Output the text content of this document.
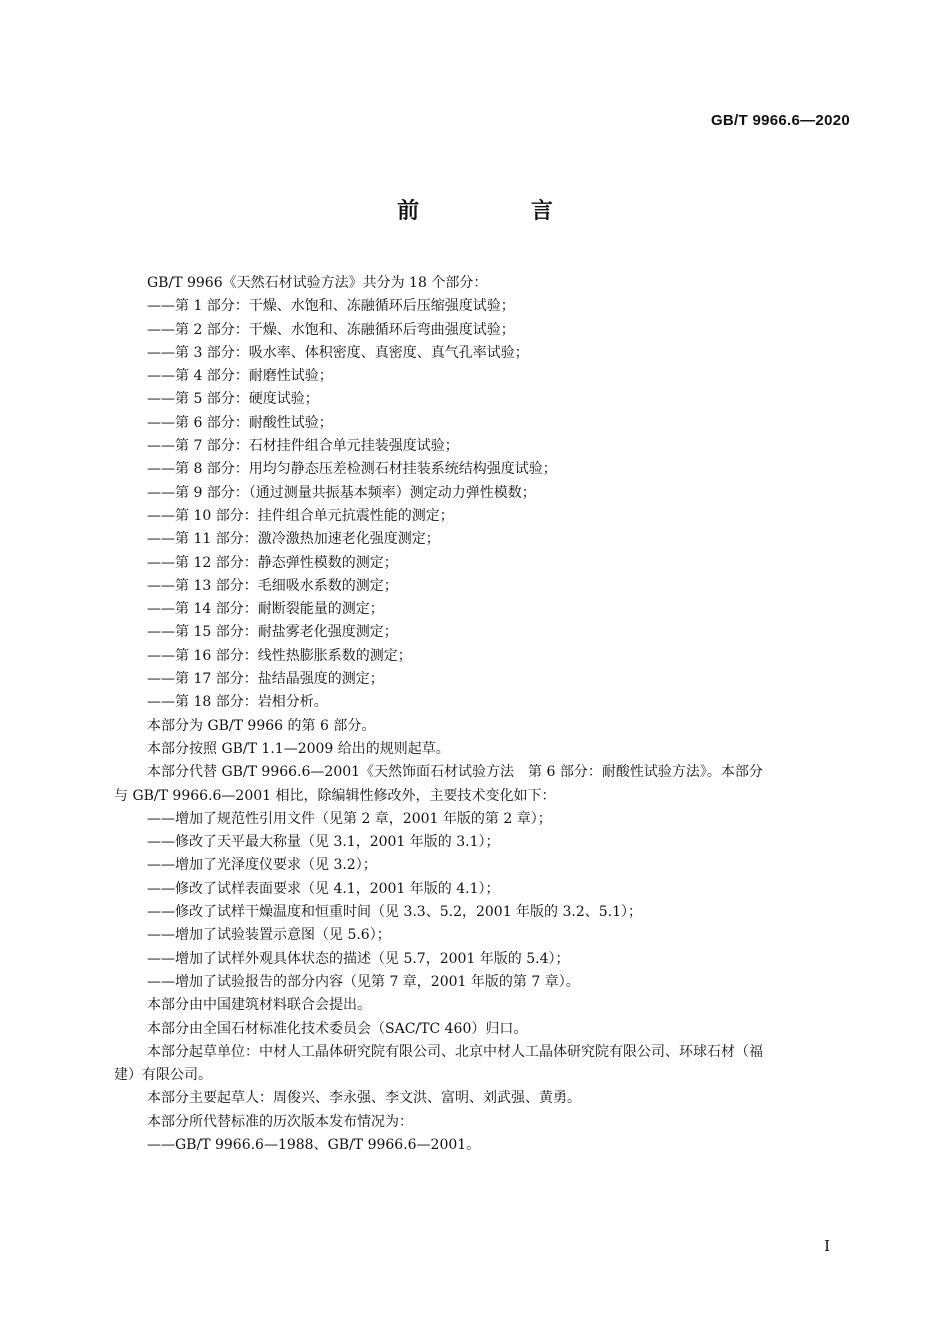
GB/T 9966.6—2020
前 言

GB/T 9966《天然石材试验方法》共分为 18 个部分：

——第 1 部分：干燥、水饱和、冻融循环后压缩强度试验；

——第 2 部分：干燥、水饱和、冻融循环后弯曲强度试验；

——第 3 部分：吸水率、体积密度、真密度、真气孔率试验；

——第 4 部分：耐磨性试验；

——第 5 部分：硬度试验；

——第 6 部分：耐酸性试验；

——第 7 部分：石材挂件组合单元挂装强度试验；

——第 8 部分：用均匀静态压差检测石材挂装系统结构强度试验；

——第 9 部分：（通过测量共振基本频率）测定动力弹性模数；

——第 10 部分：挂件组合单元抗震性能的测定；

——第 11 部分：激冷激热加速老化强度测定；

——第 12 部分：静态弹性模数的测定；

——第 13 部分：毛细吸水系数的测定；

——第 14 部分：耐断裂能量的测定；

——第 15 部分：耐盐雾老化强度测定；

——第 16 部分：线性热膨胀系数的测定；

——第 17 部分：盐结晶强度的测定；

——第 18 部分：岩相分析。

本部分为 GB/T 9966 的第 6 部分。

本部分按照 GB/T 1.1—2009 给出的规则起草。

本部分代替 GB/T 9966.6—2001《天然饰面石材试验方法　第 6 部分：耐酸性试验方法》。本部分

与 GB/T 9966.6—2001 相比，除编辑性修改外，主要技术变化如下：

——增加了规范性引用文件（见第 2 章，2001 年版的第 2 章）；

——修改了天平最大称量（见 3.1，2001 年版的 3.1）；

——增加了光泽度仪要求（见 3.2）；

——修改了试样表面要求（见 4.1，2001 年版的 4.1）；

——修改了试样干燥温度和恒重时间（见 3.3、5.2，2001 年版的 3.2、5.1）；

——增加了试验装置示意图（见 5.6）；

——增加了试样外观具体状态的描述（见 5.7，2001 年版的 5.4）；

——增加了试验报告的部分内容（见第 7 章，2001 年版的第 7 章）。

本部分由中国建筑材料联合会提出。

本部分由全国石材标准化技术委员会（SAC/TC 460）归口。

本部分起草单位：中材人工晶体研究院有限公司、北京中材人工晶体研究院有限公司、环球石材（福

建）有限公司。

本部分主要起草人：周俊兴、李永强、李文洪、富明、刘武强、黄勇。

本部分所代替标准的历次版本发布情况为：

——GB/T 9966.6—1988、GB/T 9966.6—2001。

I
